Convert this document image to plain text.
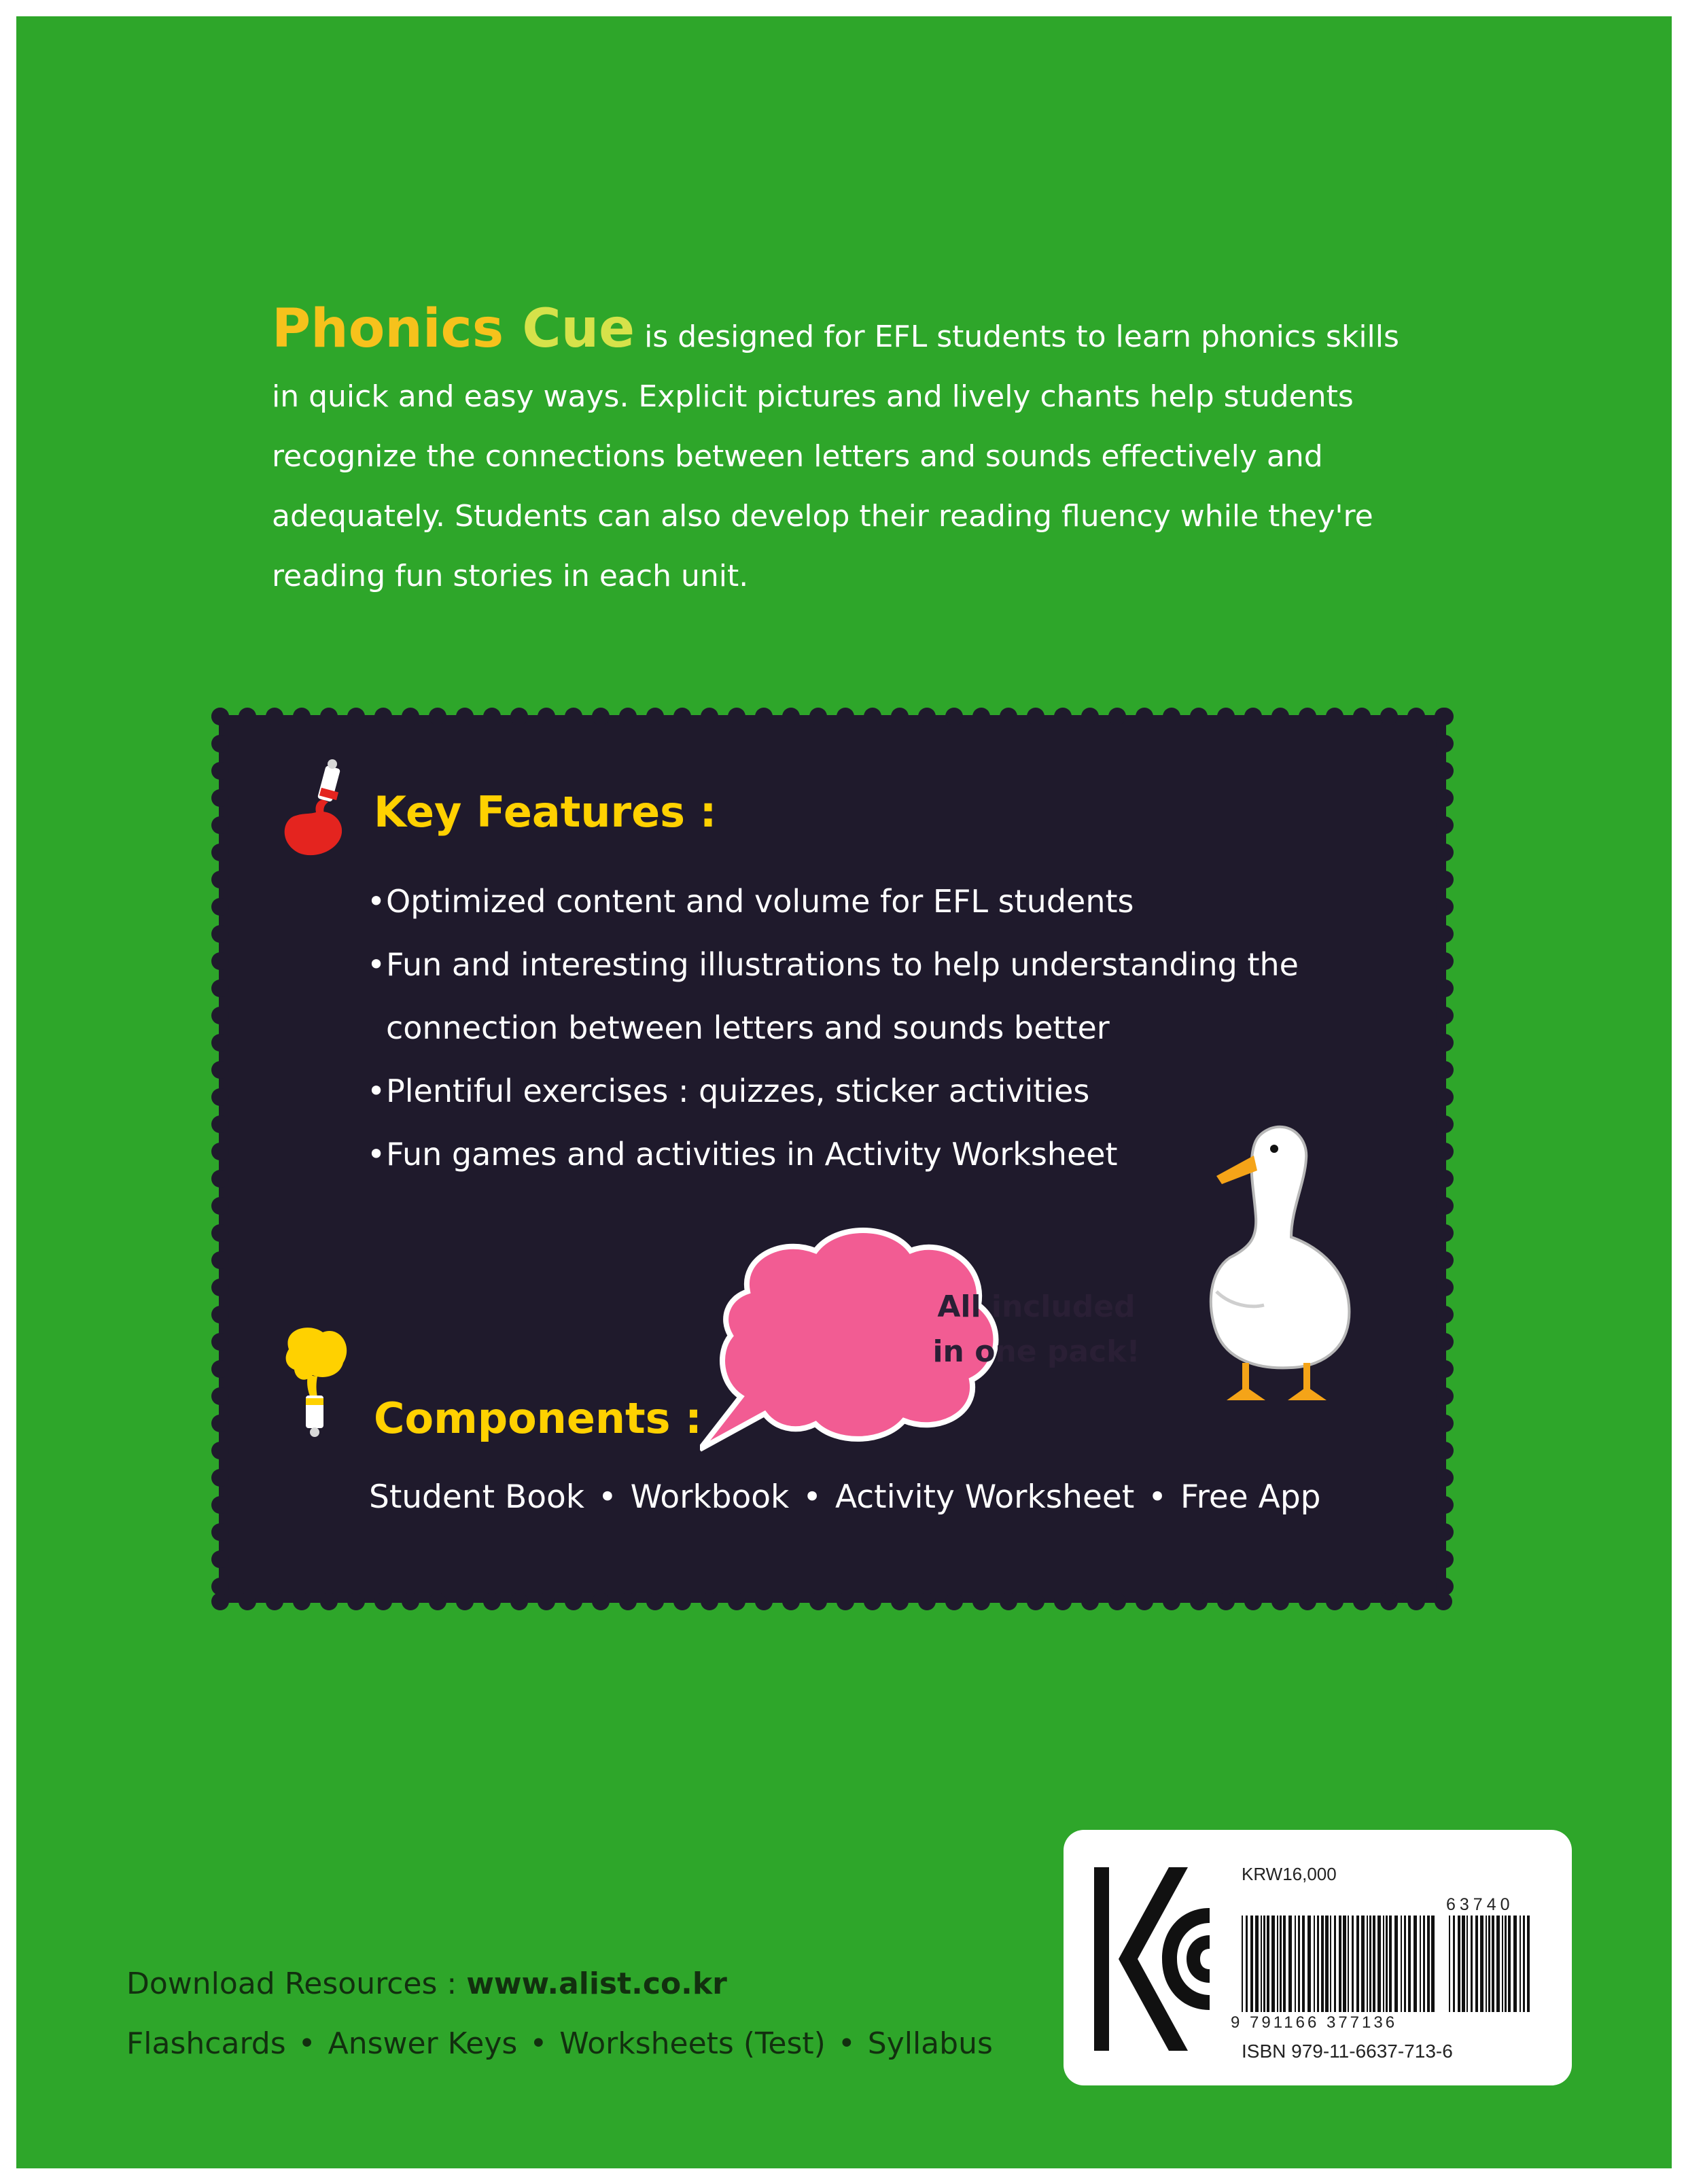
Phonics Cue is designed for EFL students to learn phonics skills in quick and easy ways. Explicit pictures and lively chants help students recognize the connections between letters and sounds effectively and adequately. Students can also develop their reading fluency while they're reading fun stories in each unit.
Key Features :
• Optimized content and volume for EFL students
• Fun and interesting illustrations to help understanding the connection between letters and sounds better
• Plentiful exercises : quizzes, sticker activities
• Fun games and activities in Activity Worksheet
All included
in one pack!
Components :
Student Book • Workbook • Activity Worksheet • Free App
Download Resources : www.alist.co.kr
Flashcards • Answer Keys • Worksheets (Test) • Syllabus
KRW16,000
63740
9 791166 377136
ISBN 979-11-6637-713-6
